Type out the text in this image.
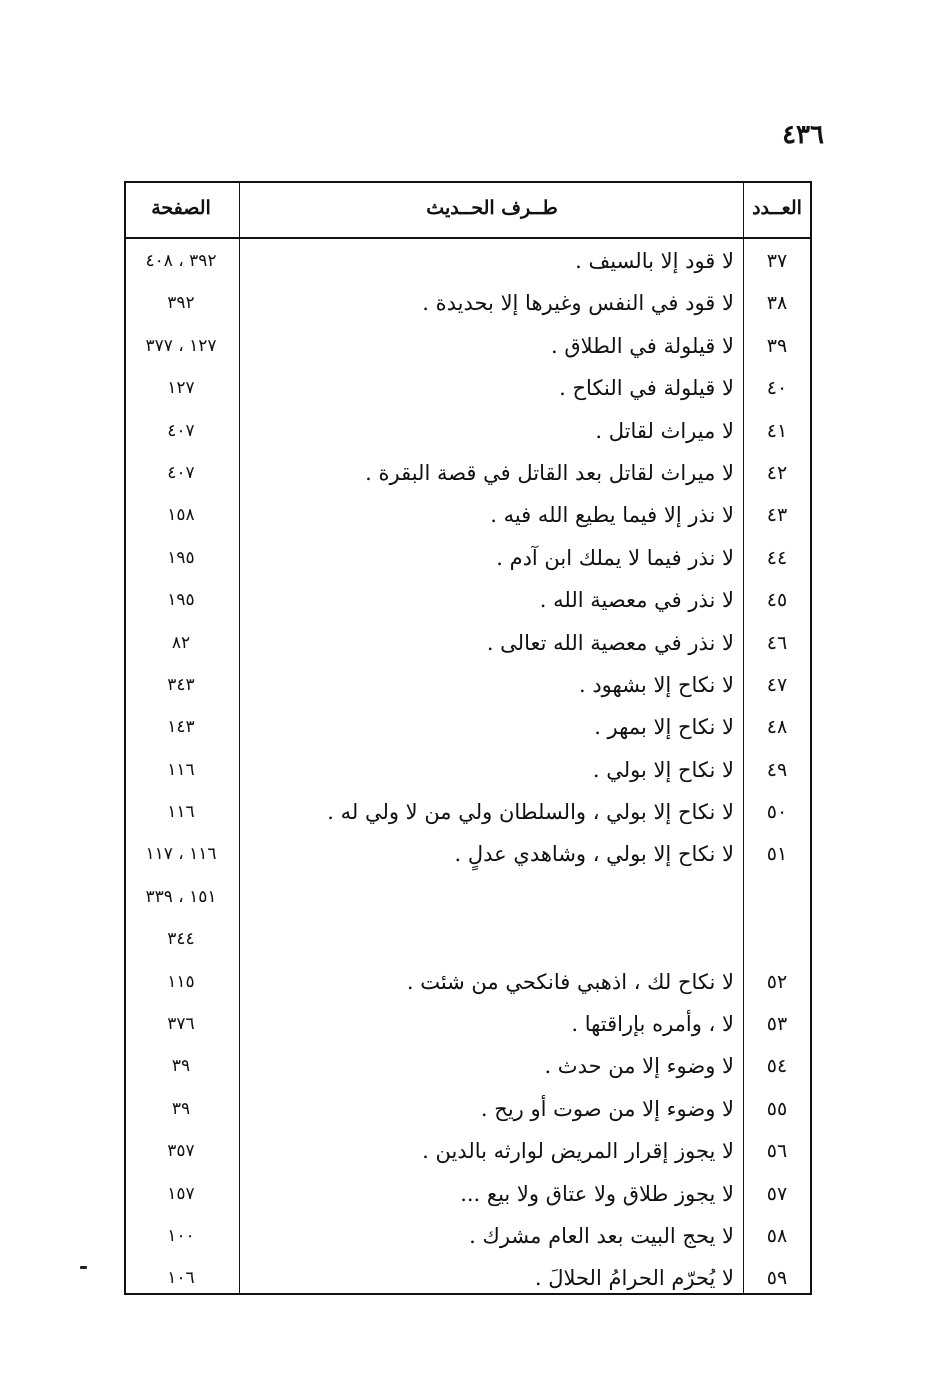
٤٣٦
العــدد
طــرف الحــديث
الصفحة
٣٧
لا قود إلا بالسيف .
٣٩٢ ، ٤٠٨
٣٨
لا قود في النفس وغيرها إلا بحديدة .
٣٩٢
٣٩
لا قيلولة في الطلاق .
١٢٧ ، ٣٧٧
٤٠
لا قيلولة في النكاح .
١٢٧
٤١
لا ميراث لقاتل .
٤٠٧
٤٢
لا ميراث لقاتل بعد القاتل في قصة البقرة .
٤٠٧
٤٣
لا نذر إلا فيما يطيع الله فيه .
١٥٨
٤٤
لا نذر فيما لا يملك ابن آدم .
١٩٥
٤٥
لا نذر في معصية الله .
١٩٥
٤٦
لا نذر في معصية الله تعالى .
٨٢
٤٧
لا نكاح إلا بشهود .
٣٤٣
٤٨
لا نكاح إلا بمهر .
١٤٣
٤٩
لا نكاح إلا بولي .
١١٦
٥٠
لا نكاح إلا بولي ، والسلطان ولي من لا ولي له .
١١٦
٥١
لا نكاح إلا بولي ، وشاهدي عدلٍ .
١١٦ ، ١١٧
١٥١ ، ٣٣٩
٣٤٤
٥٢
لا نكاح لك ، اذهبي فانكحي من شئت .
١١٥
٥٣
لا ، وأمره بإراقتها .
٣٧٦
٥٤
لا وضوء إلا من حدث .
٣٩
٥٥
لا وضوء إلا من صوت أو ريح .
٣٩
٥٦
لا يجوز إقرار المريض لوارثه بالدين .
٣٥٧
٥٧
لا يجوز طلاق ولا عتاق ولا بيع ...
١٥٧
٥٨
لا يحج البيت بعد العام مشرك .
١٠٠
٥٩
لا يُحرّم الحرامُ الحلالَ .
١٠٦
